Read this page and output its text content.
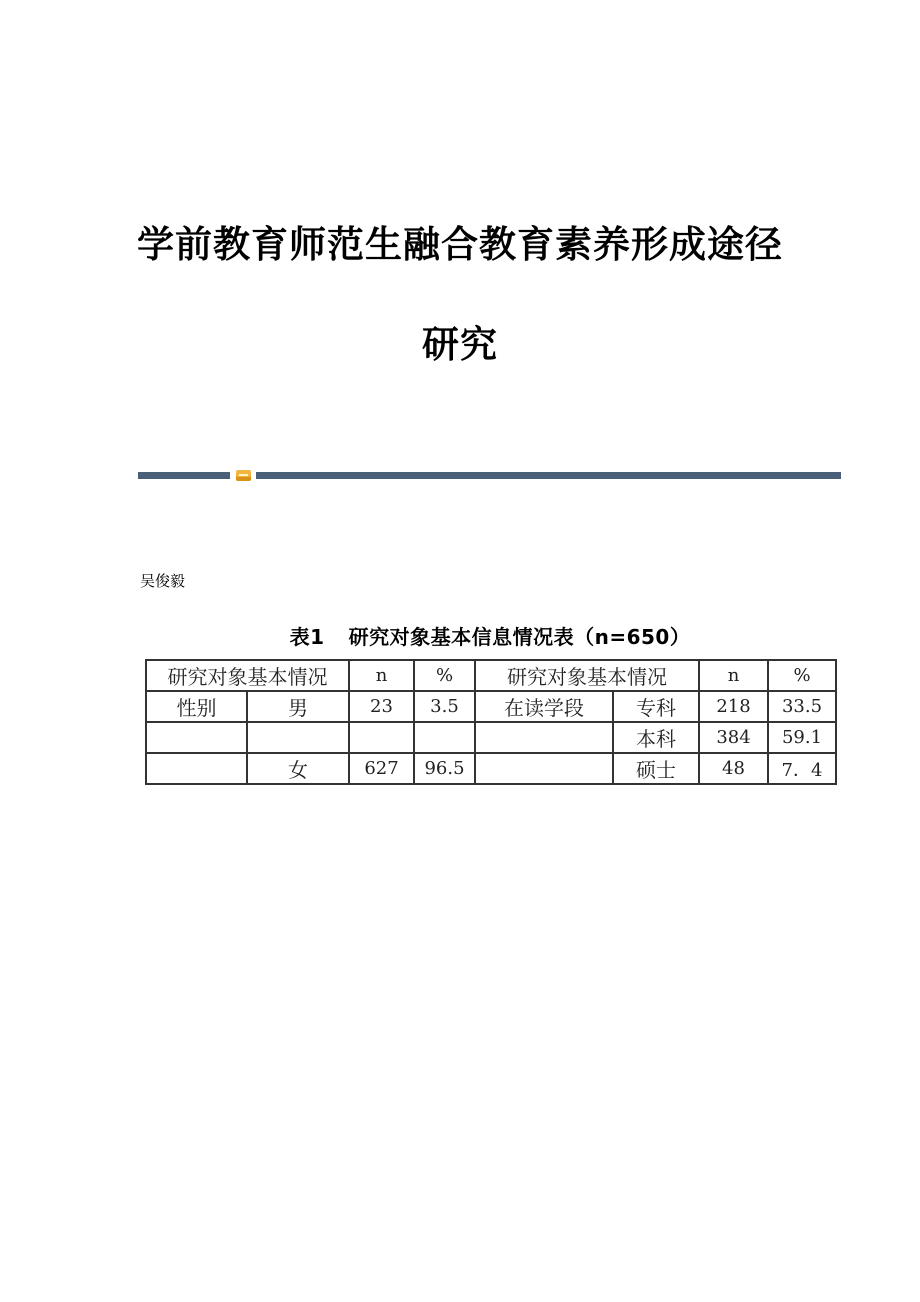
学前教育师范生融合教育素养形成途径
研究
吴俊毅
表1 研究对象基本信息情况表（n=650）
研究对象基本情况		n	%	研究对象基本情况		n	%
性别	男	23	3.5	在读学段	专科	218	33.5
					本科	384	59.1
	女	627	96.5		硕士	48	7．4
